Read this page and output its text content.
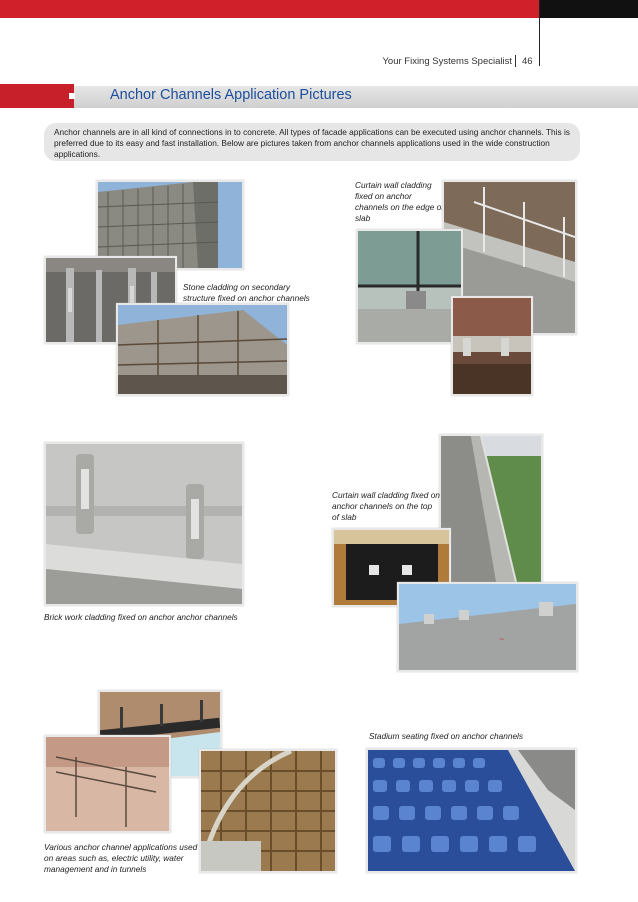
Your Fixing Systems Specialist 46
Anchor Channels Application Pictures
Anchor channels are in all kind of connections in to concrete. All types of facade applications can be executed using anchor channels. This is preferred due to its easy and fast installation. Below are pictures taken from anchor channels applications used in the wide construction applications.
Stone cladding on secondary structure fixed on anchor channels
Curtain wall cladding fixed on anchor channels on the edge of slab
Brick work cladding fixed on anchor anchor channels
Curtain wall cladding fixed on anchor channels on the top of slab
~
Various anchor channel applications used on areas such as, electric utility, water management and in tunnels
Stadium seating fixed on anchor channels
